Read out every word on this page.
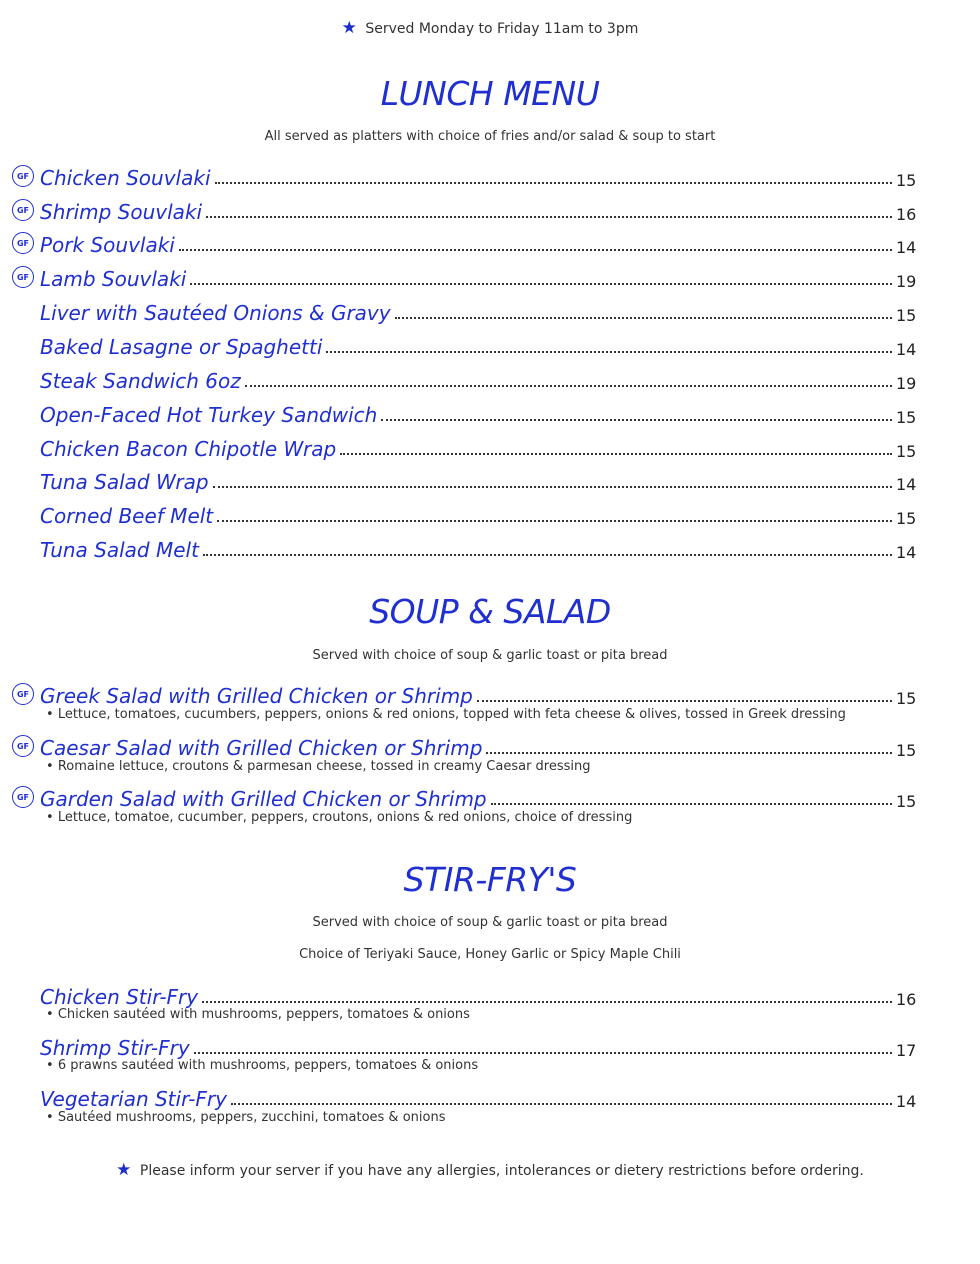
★ Served Monday to Friday 11am to 3pm
LUNCH MENU
All served as platters with choice of fries and/or salad & soup to start
GF Chicken Souvlaki	15
GF Shrimp Souvlaki	16
GF Pork Souvlaki	14
GF Lamb Souvlaki	19
Liver with Sautéed Onions & Gravy	15
Baked Lasagne or Spaghetti	14
Steak Sandwich 6oz	19
Open-Faced Hot Turkey Sandwich	15
Chicken Bacon Chipotle Wrap	15
Tuna Salad Wrap	14
Corned Beef Melt	15
Tuna Salad Melt	14
SOUP & SALAD
Served with choice of soup & garlic toast or pita bread
GF Greek Salad with Grilled Chicken or Shrimp	15
• Lettuce, tomatoes, cucumbers, peppers, onions & red onions, topped with feta cheese & olives, tossed in Greek dressing
GF Caesar Salad with Grilled Chicken or Shrimp	15
• Romaine lettuce, croutons & parmesan cheese, tossed in creamy Caesar dressing
GF Garden Salad with Grilled Chicken or Shrimp	15
• Lettuce, tomatoe, cucumber, peppers, croutons, onions & red onions, choice of dressing
STIR-FRY'S
Served with choice of soup & garlic toast or pita bread
Choice of Teriyaki Sauce, Honey Garlic or Spicy Maple Chili
Chicken Stir-Fry	16
• Chicken sautéed with mushrooms, peppers, tomatoes & onions
Shrimp Stir-Fry	17
• 6 prawns sautéed with mushrooms, peppers, tomatoes & onions
Vegetarian Stir-Fry	14
• Sautéed mushrooms, peppers, zucchini, tomatoes & onions
★ Please inform your server if you have any allergies, intolerances or dietery restrictions before ordering.
